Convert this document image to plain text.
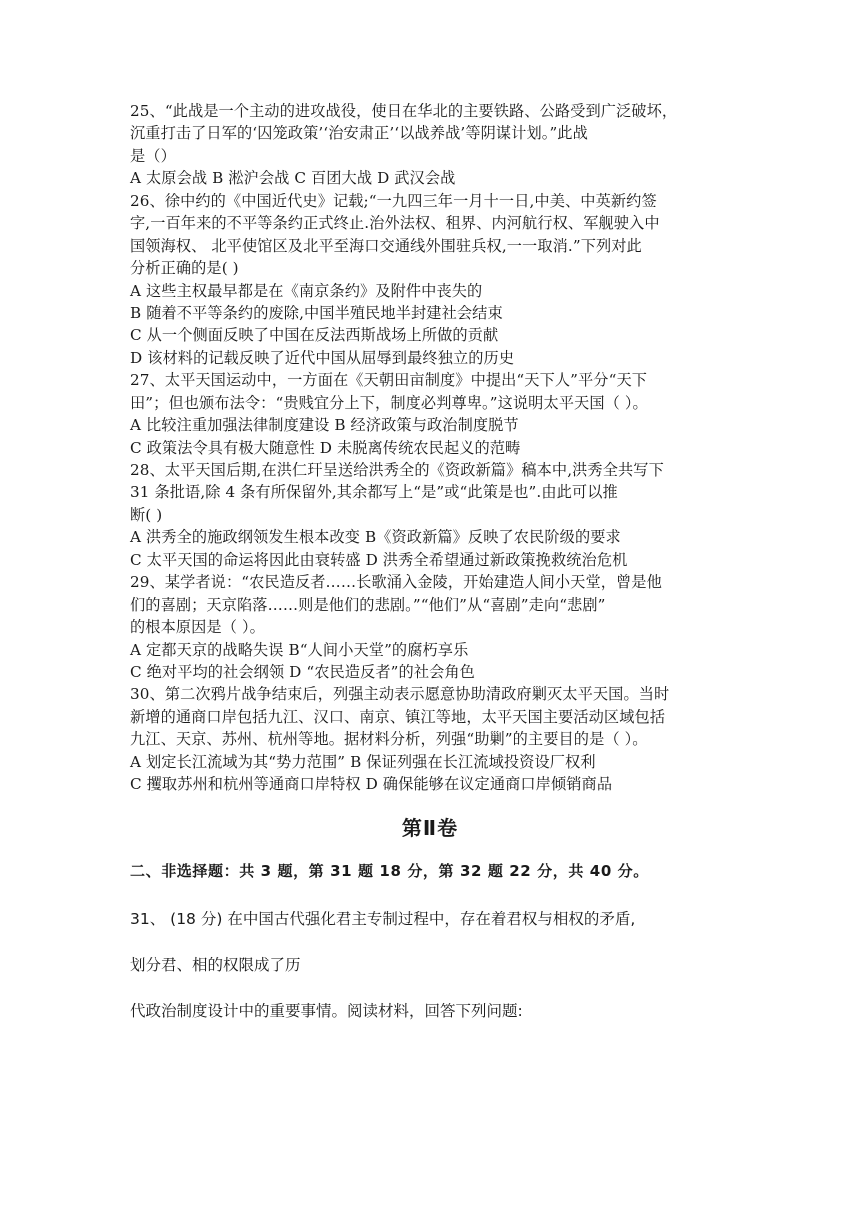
25、“此战是一个主动的进攻战役，使日在华北的主要铁路、公路受到广泛破坏，
沉重打击了日军的‘囚笼政策’‘治安肃正’‘以战养战’等阴谋计划。”此战
是（）
A 太原会战 B 淞沪会战 C 百团大战 D 武汉会战
26、徐中约的《中国近代史》记载;“一九四三年一月十一日,中美、中英新约签
字,一百年来的不平等条约正式终止.治外法权、租界、内河航行权、军舰驶入中
国领海权、 北平使馆区及北平至海口交通线外围驻兵权,一一取消.”下列对此
分析正确的是( )
A 这些主权最早都是在《南京条约》及附件中丧失的
B 随着不平等条约的废除,中国半殖民地半封建社会结束
C 从一个侧面反映了中国在反法西斯战场上所做的贡献
D 该材料的记载反映了近代中国从屈辱到最终独立的历史
27、太平天国运动中，一方面在《天朝田亩制度》中提出“天下人”平分“天下
田”；但也颁布法令：“贵贱宜分上下，制度必判尊卑。”这说明太平天国（ ）。
A 比较注重加强法律制度建设 B 经济政策与政治制度脱节
C 政策法令具有极大随意性 D 未脱离传统农民起义的范畴
28、太平天国后期,在洪仁玕呈送给洪秀全的《资政新篇》稿本中,洪秀全共写下
31 条批语,除 4 条有所保留外,其余都写上“是”或“此策是也”.由此可以推
断( )
A 洪秀全的施政纲领发生根本改变 B《资政新篇》反映了农民阶级的要求
C 太平天国的命运将因此由衰转盛 D 洪秀全希望通过新政策挽救统治危机
29、某学者说：“农民造反者……长歌涌入金陵，开始建造人间小天堂，曾是他
们的喜剧；天京陷落……则是他们的悲剧。”“他们”从“喜剧”走向“悲剧”
的根本原因是（ ）。
A 定都天京的战略失误 B“人间小天堂”的腐朽享乐
C 绝对平均的社会纲领 D “农民造反者”的社会角色
30、第二次鸦片战争结束后，列强主动表示愿意协助清政府剿灭太平天国。当时
新增的通商口岸包括九江、汉口、南京、镇江等地，太平天国主要活动区域包括
九江、天京、苏州、杭州等地。据材料分析，列强“助剿”的主要目的是（ ）。
A 划定长江流域为其“势力范围” B 保证列强在长江流域投资设厂权利
C 攫取苏州和杭州等通商口岸特权 D 确保能够在议定通商口岸倾销商品
第Ⅱ卷
二、非选择题：共 3 题，第 31 题 18 分，第 32 题 22 分，共 40 分。
31、 (18 分) 在中国古代强化君主专制过程中，存在着君权与相权的矛盾,
划分君、相的权限成了历
代政治制度设计中的重要事情。阅读材料，回答下列问题:
